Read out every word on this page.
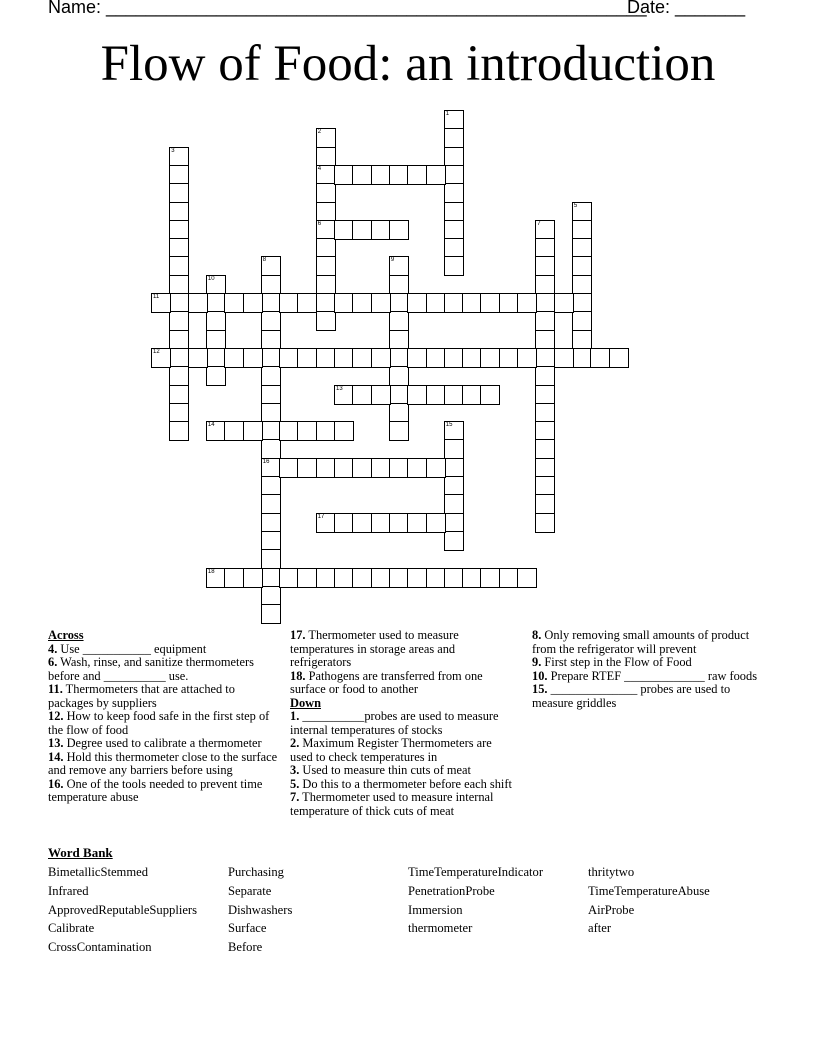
Name: ______________________________________________________
Date: _______
Flow of Food: an introduction
1
2
4
6
3
5
7
8
16
9
10
11
12
13
14	15
17
18
Across
4. Use ___________ equipment
6. Wash, rinse, and sanitize thermometers before and __________ use.
11. Thermometers that are attached to packages by suppliers
12. How to keep food safe in the first step of the flow of food
13. Degree used to calibrate a thermometer
14. Hold this thermometer close to the surface and remove any barriers before using
16. One of the tools needed to prevent time temperature abuse
17. Thermometer used to measure temperatures in storage areas and refrigerators
18. Pathogens are transferred from one surface or food to another
Down
1. __________probes are used to measure internal temperatures of stocks
2. Maximum Register Thermometers are used to check temperatures in
3. Used to measure thin cuts of meat
5. Do this to a thermometer before each shift
7. Thermometer used to measure internal temperature of thick cuts of meat
8. Only removing small amounts of product from the refrigerator will prevent
9. First step in the Flow of Food
10. Prepare RTEF _____________ raw foods
15. ______________ probes are used to measure griddles
Word Bank
BimetallicStemmed
Infrared
ApprovedReputableSuppliers
Calibrate
CrossContamination
Purchasing
Separate
Dishwashers
Surface
Before
TimeTemperatureIndicator
PenetrationProbe
Immersion
thermometer
thritytwo
TimeTemperatureAbuse
AirProbe
after
